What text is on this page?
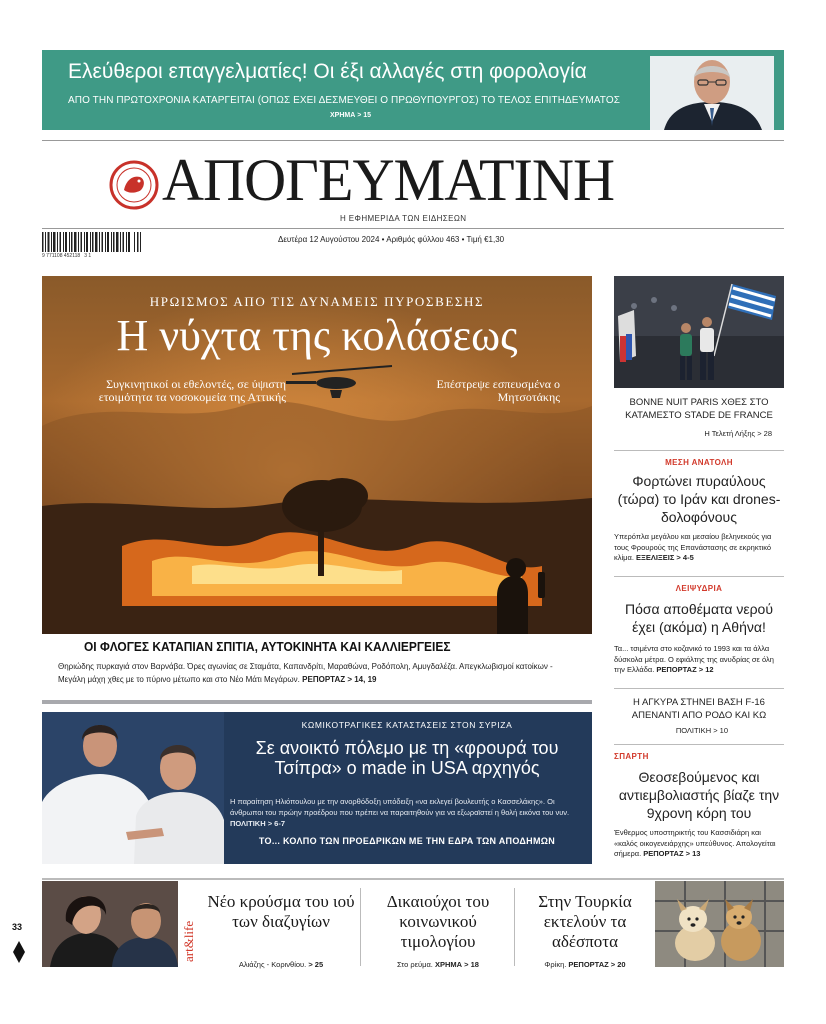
Ελεύθεροι επαγγελματίες! Οι έξι αλλαγές στη φορολογία
ΑΠΟ ΤΗΝ ΠΡΩΤΟΧΡΟΝΙΑ ΚΑΤΑΡΓΕΙΤΑΙ (ΟΠΩΣ ΕΧΕΙ ΔΕΣΜΕΥΘΕΙ Ο ΠΡΩΘΥΠΟΥΡΓΟΣ) ΤΟ ΤΕΛΟΣ ΕΠΙΤΗΔΕΥΜΑΤΟΣ
ΧΡΗΜΑ > 15
ΑΠΟΓΕΥΜΑΤΙΝΗ
Η ΕΦΗΜΕΡΙΔΑ ΤΩΝ ΕΙΔΗΣΕΩΝ
9 771108 452118 3 1
Δευτέρα 12 Αυγούστου 2024 • Αριθμός φύλλου 463 • Τιμή €1,30
ΗΡΩΙΣΜΟΣ ΑΠΟ ΤΙΣ ΔΥΝΑΜΕΙΣ ΠΥΡΟΣΒΕΣΗΣ
Η νύχτα της κολάσεως
Συγκινητικοί οι εθελοντές, σε ύψιστη ετοιμότητα τα νοσοκομεία της Αττικής
Επέστρεψε εσπευσμένα ο Μητσοτάκης
ΟΙ ΦΛΟΓΕΣ ΚΑΤΑΠΙΑΝ ΣΠΙΤΙΑ, ΑΥΤΟΚΙΝΗΤΑ ΚΑΙ ΚΑΛΛΙΕΡΓΕΙΕΣ
Θηριώδης πυρκαγιά στον Βαρνάβα. Όρες αγωνίας σε Σταμάτα, Καπανδρίτι, Μαραθώνα, Ροδόπολη, Αμυγδαλέζα. Απεγκλωβισμοί κατοίκων - Μεγάλη μάχη χθες με το πύρινο μέτωπο και στο Νέο Μάτι Μεγάρων. ΡΕΠΟΡΤΑΖ > 14, 19
ΚΩΜΙΚΟΤΡΑΓΙΚΕΣ ΚΑΤΑΣΤΑΣΕΙΣ ΣΤΟΝ ΣΥΡΙΖΑ
Σε ανοικτό πόλεμο με τη «φρουρά του Τσίπρα» ο made in USA αρχηγός
Η παραίτηση Ηλιόπουλου με την ανορθόδοξη υπόδειξη «να εκλεγεί βουλευτής ο Κασσελάκης». Οι άνθρωποι του πρώην προέδρου που πρέπει να παραιτηθούν για να εξωραϊστεί η θολή εικόνα του νυν. ΠΟΛΙΤΙΚΗ > 6-7
ΤΟ... ΚΟΛΠΟ ΤΩΝ ΠΡΟΕΔΡΙΚΩΝ ΜΕ ΤΗΝ ΕΔΡΑ ΤΩΝ ΑΠΟΔΗΜΩΝ
BONNE NUIT PARIS ΧΘΕΣ ΣΤΟ ΚΑΤΑΜΕΣΤΟ STADE DE FRANCE
Η Τελετή Λήξης > 28
ΜΕΣΗ ΑΝΑΤΟΛΗ
Φορτώνει πυραύλους (τώρα) το Ιράν και drones-δολοφόνους
Υπερόπλα μεγάλου και μεσαίου βεληνεκούς για τους Φρουρούς της Επανάστασης σε εκρηκτικό κλίμα. ΕΞΕΛΙΞΕΙΣ > 4-5
ΛΕΙΨΥΔΡΙΑ
Πόσα αποθέματα νερού έχει (ακόμα) η Αθήνα!
Τα... τσιμέντα στο κοζανικό το 1993 και τα άλλα δύσκολα μέτρα. Ο εφιάλτης της ανυδρίας σε όλη την Ελλάδα. ΡΕΠΟΡΤΑΖ > 12
Η ΑΓΚΥΡΑ ΣΤΗΝΕΙ ΒΑΣΗ F-16 ΑΠΕΝΑΝΤΙ ΑΠΟ ΡΟΔΟ ΚΑΙ ΚΩ
ΠΟΛΙΤΙΚΗ > 10
ΣΠΑΡΤΗ
Θεοσεβούμενος και αντιεμβολιαστής βίαζε την 9χρονη κόρη του
Ένθερμος υποστηρικτής του Κασσιδιάρη και «καλός οικογενειάρχης» υπεύθυνος. Απολογείται σήμερα. ΡΕΠΟΡΤΑΖ > 13
33	art&life
Νέο κρούσμα του ιού των διαζυγίων
Αλιάζης - Κορινθίου. > 25
Δικαιούχοι του κοινωνικού τιμολογίου
Στο ρεύμα. ΧΡΗΜΑ > 18
Στην Τουρκία εκτελούν τα αδέσποτα
Φρίκη. ΡΕΠΟΡΤΑΖ > 20
